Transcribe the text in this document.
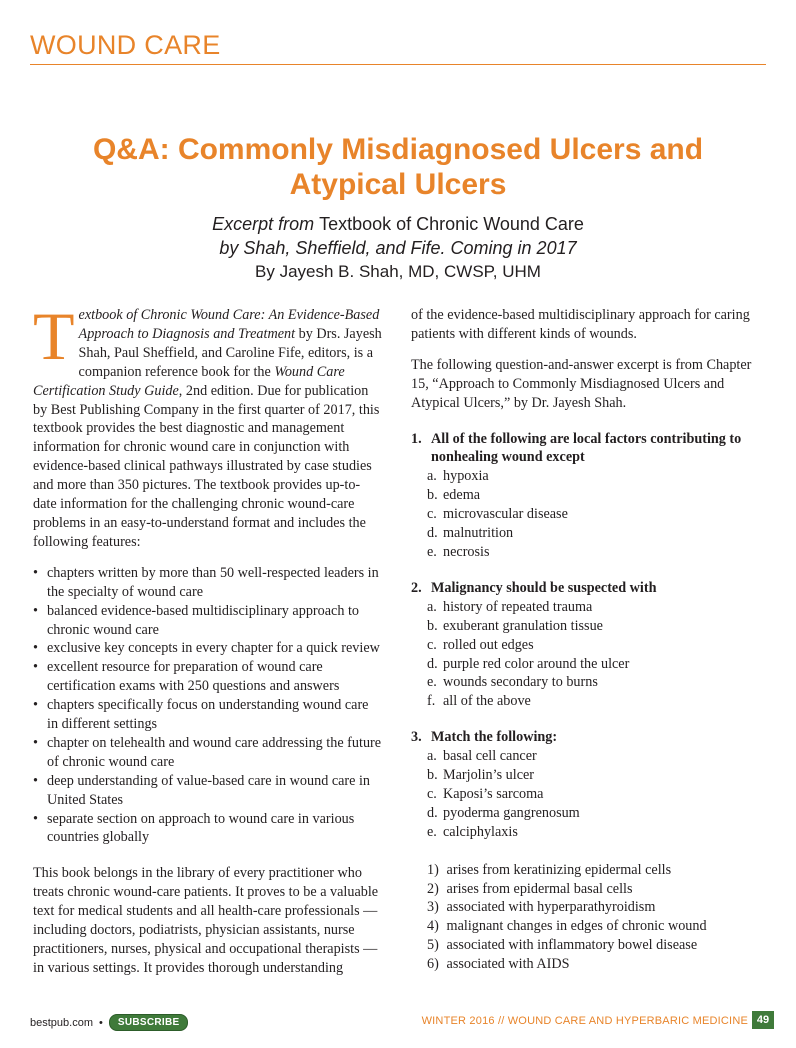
WOUND CARE
Q&A: Commonly Misdiagnosed Ulcers and
Atypical Ulcers
Excerpt from Textbook of Chronic Wound Care
by Shah, Sheffield, and Fife. Coming in 2017
By Jayesh B. Shah, MD, CWSP, UHM

Textbook of Chronic Wound Care: An Evidence-Based Approach to Diagnosis and Treatment by Drs. Jayesh Shah, Paul Sheffield, and Caroline Fife, editors, is a companion reference book for the Wound Care Certification Study Guide, 2nd edition. Due for publication by Best Publishing Company in the first quarter of 2017, this textbook provides the best diagnostic and management information for chronic wound care in conjunction with evidence-based clinical pathways illustrated by case studies and more than 350 pictures. The textbook provides up-to-date information for the challenging chronic wound-care problems in an easy-to-understand format and includes the following features:

• chapters written by more than 50 well-respected leaders in the specialty of wound care
• balanced evidence-based multidisciplinary approach to chronic wound care
• exclusive key concepts in every chapter for a quick review
• excellent resource for preparation of wound care certification exams with 250 questions and answers
• chapters specifically focus on understanding wound care in different settings
• chapter on telehealth and wound care addressing the future of chronic wound care
• deep understanding of value-based care in wound care in United States
• separate section on approach to wound care in various countries globally

This book belongs in the library of every practitioner who treats chronic wound-care patients. It proves to be a valuable text for medical students and all health-care professionals — including doctors, podiatrists, physician assistants, nurse practitioners, nurses, physical and occupational therapists — in various settings. It provides thorough understanding

of the evidence-based multidisciplinary approach for caring patients with different kinds of wounds.

The following question-and-answer excerpt is from Chapter 15, “Approach to Commonly Misdiagnosed Ulcers and Atypical Ulcers,” by Dr. Jayesh Shah.

1. All of the following are local factors contributing to nonhealing wound except
a. hypoxia
b. edema
c. microvascular disease
d. malnutrition
e. necrosis
2. Malignancy should be suspected with
a. history of repeated trauma
b. exuberant granulation tissue
c. rolled out edges
d. purple red color around the ulcer
e. wounds secondary to burns
f. all of the above
3. Match the following:
a. basal cell cancer
b. Marjolin’s ulcer
c. Kaposi’s sarcoma
d. pyoderma gangrenosum
e. calciphylaxis
1)
arises from keratinizing epidermal cells
2)
arises from epidermal basal cells
3)
associated with hyperparathyroidism
4)
malignant changes in edges of chronic wound
5)
associated with inflammatory bowel disease
6)
associated with AIDS
bestpub.com •	SUBSCRIBE	WINTER 2016 // WOUND CARE AND HYPERBARIC MEDICINE 49
